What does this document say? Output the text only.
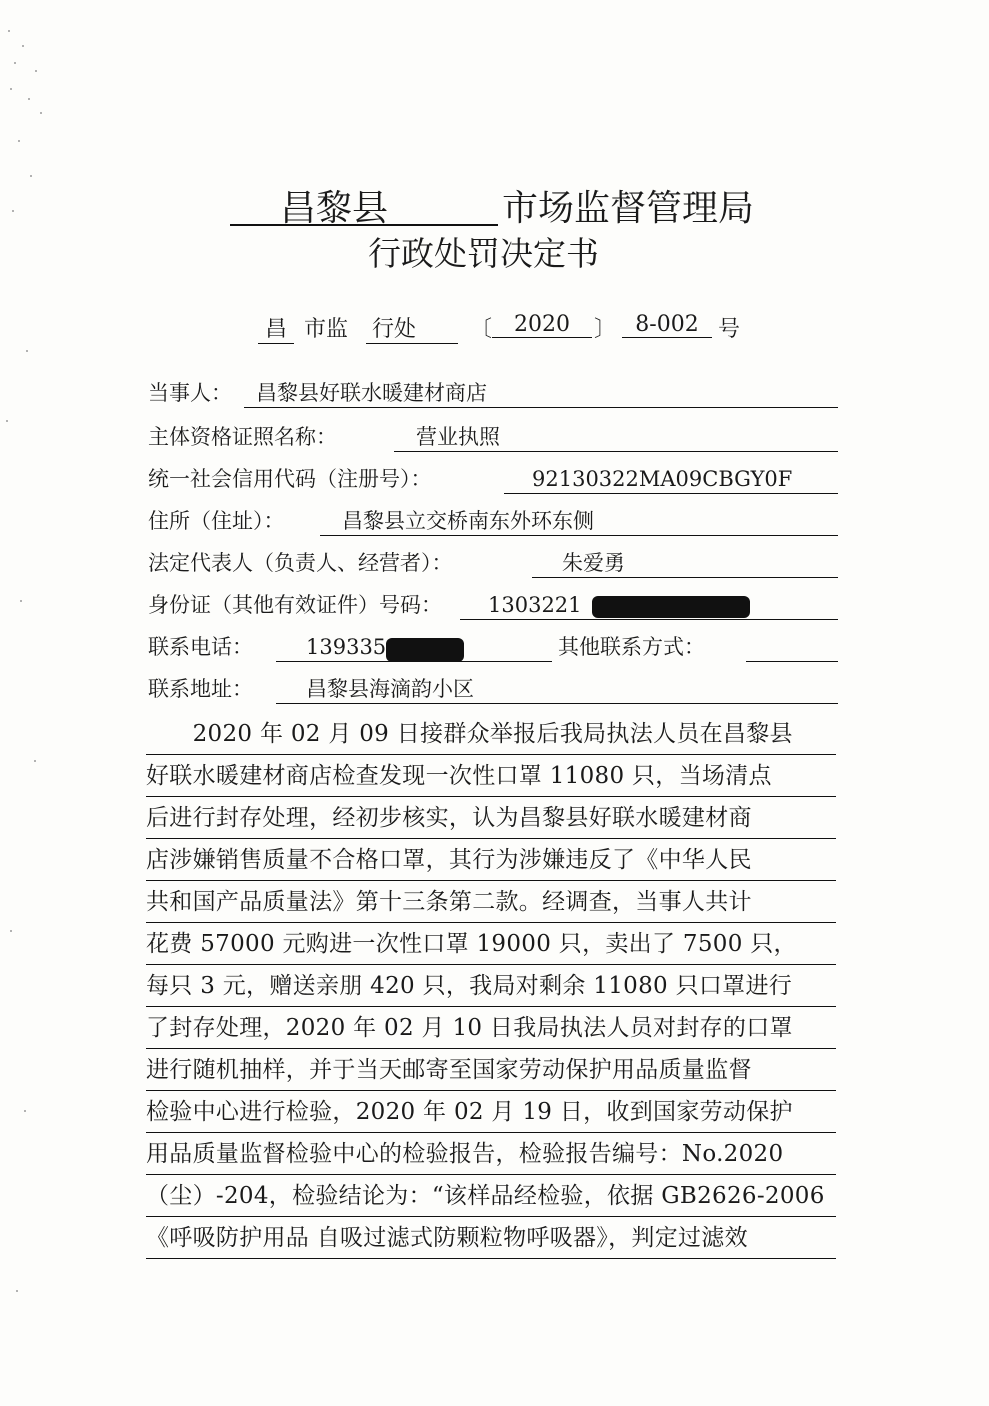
昌黎县	市场监督管理局
行政处罚决定书
昌 市监 行处	〔 2020	〕 8-002 号
当事人：	昌黎县好联水暖建材商店
主体资格证照名称：	营业执照
统一社会信用代码（注册号）：	92130322MA09CBGY0F
住所（住址）：	昌黎县立交桥南东外环东侧
法定代表人（负责人、经营者）：	朱爱勇
身份证（其他有效证件）号码：	1303221
联系电话：	139335	其他联系方式：
联系地址：	昌黎县海滴韵小区
　　2020 年 02 月 09 日接群众举报后我局执法人员在昌黎县
好联水暖建材商店检查发现一次性口罩 11080 只，当场清点
后进行封存处理，经初步核实，认为昌黎县好联水暖建材商
店涉嫌销售质量不合格口罩，其行为涉嫌违反了《中华人民
共和国产品质量法》第十三条第二款。经调查，当事人共计
花费 57000 元购进一次性口罩 19000 只，卖出了 7500 只，
每只 3 元，赠送亲朋 420 只，我局对剩余 11080 只口罩进行
了封存处理，2020 年 02 月 10 日我局执法人员对封存的口罩
进行随机抽样，并于当天邮寄至国家劳动保护用品质量监督
检验中心进行检验，2020 年 02 月 19 日，收到国家劳动保护
用品质量监督检验中心的检验报告，检验报告编号：No.2020
（尘）-204，检验结论为：“该样品经检验，依据 GB2626-2006
《呼吸防护用品 自吸过滤式防颗粒物呼吸器》，判定过滤效
